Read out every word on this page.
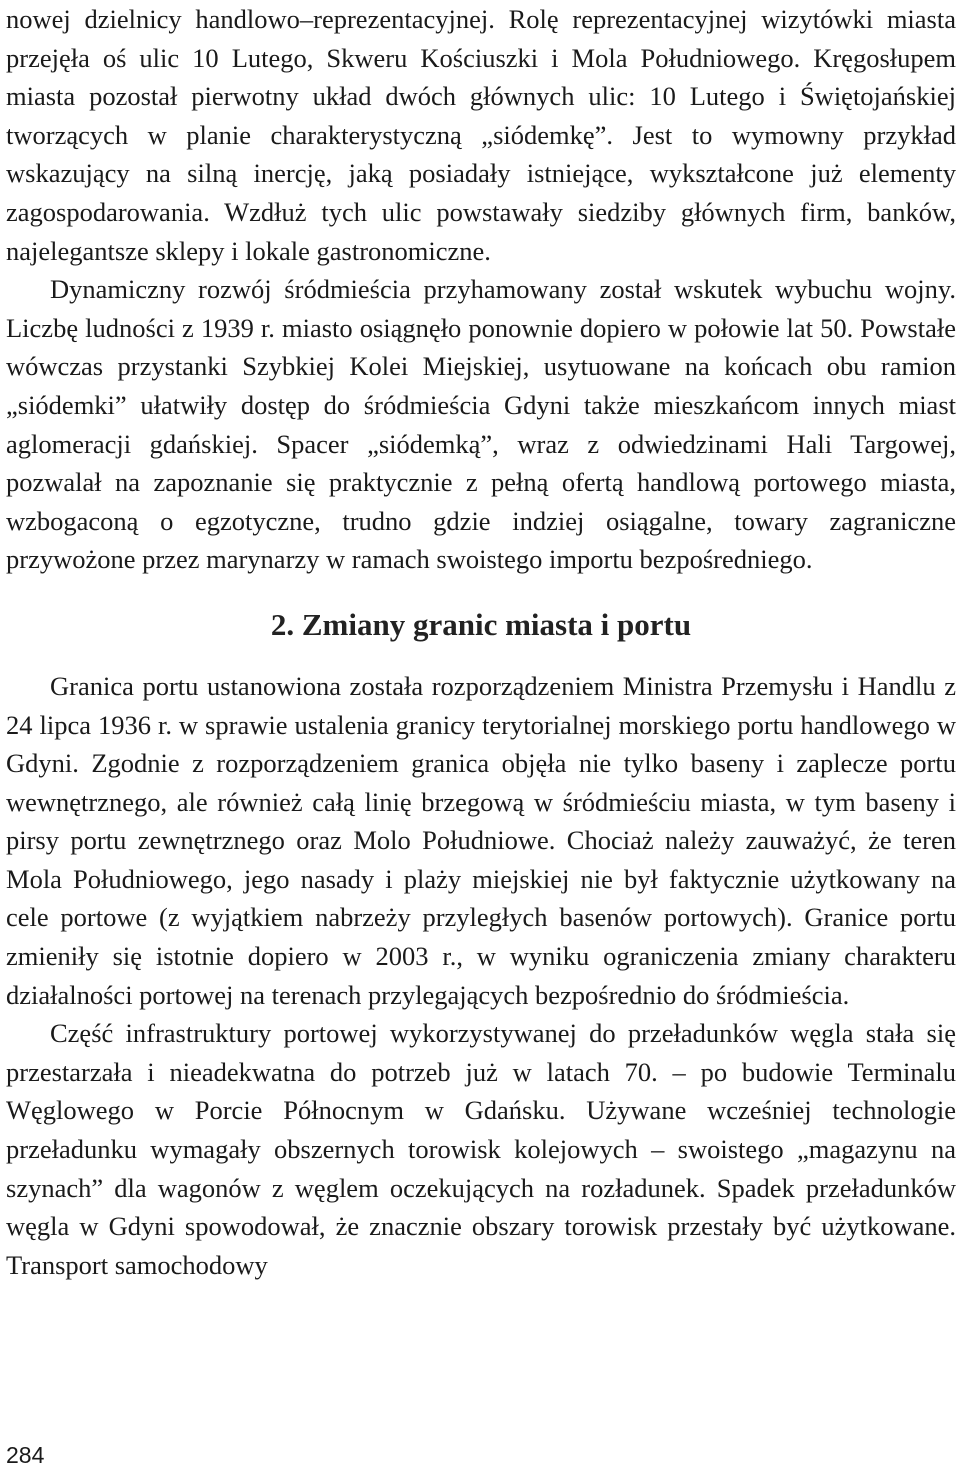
nowej dzielnicy handlowo–reprezentacyjnej. Rolę reprezentacyjnej wizytówki miasta przejęła oś ulic 10 Lutego, Skweru Kościuszki i Mola Południowego. Kręgosłupem miasta pozostał pierwotny układ dwóch głównych ulic: 10 Lutego i Świętojańskiej tworzących w planie charakterystyczną „siódemkę”. Jest to wymowny przykład wskazujący na silną inercję, jaką posiadały istniejące, wykształcone już elementy zagospodarowania. Wzdłuż tych ulic powstawały siedziby głównych firm, banków, najelegantsze sklepy i lokale gastronomiczne.

Dynamiczny rozwój śródmieścia przyhamowany został wskutek wybuchu wojny. Liczbę ludności z 1939 r. miasto osiągnęło ponownie dopiero w połowie lat 50. Powstałe wówczas przystanki Szybkiej Kolei Miejskiej, usytuowane na końcach obu ramion „siódemki” ułatwiły dostęp do śródmieścia Gdyni także mieszkańcom innych miast aglomeracji gdańskiej. Spacer „siódemką”, wraz z odwiedzinami Hali Targowej, pozwalał na zapoznanie się praktycznie z pełną ofertą handlową portowego miasta, wzbogaconą o egzotyczne, trudno gdzie indziej osiągalne, towary zagraniczne przywożone przez marynarzy w ramach swoistego importu bezpośredniego.

2. Zmiany granic miasta i portu

Granica portu ustanowiona została rozporządzeniem Ministra Przemysłu i Handlu z 24 lipca 1936 r. w sprawie ustalenia granicy terytorialnej morskiego portu handlowego w Gdyni. Zgodnie z rozporządzeniem granica objęła nie tylko baseny i zaplecze portu wewnętrznego, ale również całą linię brzegową w śródmieściu miasta, w tym baseny i pirsy portu zewnętrznego oraz Molo Południowe. Chociaż należy zauważyć, że teren Mola Południowego, jego nasady i plaży miejskiej nie był faktycznie użytkowany na cele portowe (z wyjątkiem nabrzeży przyległych basenów portowych). Granice portu zmieniły się istotnie dopiero w 2003 r., w wyniku ograniczenia zmiany charakteru działalności portowej na terenach przylegających bezpośrednio do śródmieścia.

Część infrastruktury portowej wykorzystywanej do przeładunków węgla stała się przestarzała i nieadekwatna do potrzeb już w latach 70. – po budowie Terminalu Węglowego w Porcie Północnym w Gdańsku. Używane wcześniej technologie przeładunku wymagały obszernych torowisk kolejowych – swoistego „magazynu na szynach” dla wagonów z węglem oczekujących na rozładunek. Spadek przeładunków węgla w Gdyni spowodował, że znacznie obszary torowisk przestały być użytkowane. Transport samochodowy

284
